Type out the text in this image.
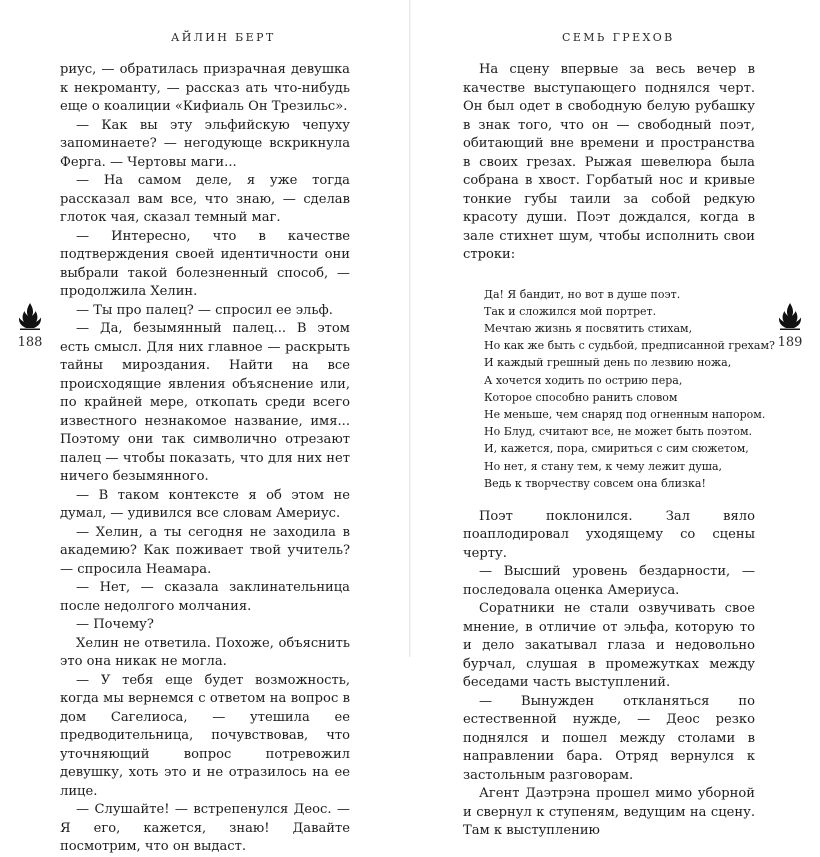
АЙЛИН БЕРТ

риус, — обратилась призрачная девушка к некроманту, — рассказ ать что-нибудь еще о коалиции «Кифиаль Он Трезильс».

— Как вы эту эльфийскую чепуху запоминаете? — негодующе вскрикнула Ферга. — Чертовы маги...

— На самом деле, я уже тогда рассказал вам все, что знаю, — сделав глоток чая, сказал темный маг.

— Интересно, что в качестве подтверждения своей идентичности они выбрали такой болезненный способ, — продолжила Хелин.

— Ты про палец? — спросил ее эльф.

— Да, безымянный палец... В этом есть смысл. Для них главное — раскрыть тайны мироздания. Найти на все происходящие явления объяснение или, по крайней мере, откопать среди всего известного незнакомое название, имя... Поэтому они так символично отрезают палец — чтобы показать, что для них нет ничего безымянного.

— В таком контексте я об этом не думал, — удивился все словам Америус.

— Хелин, а ты сегодня не заходила в академию? Как поживает твой учитель? — спросила Неамара.

— Нет, — сказала заклинательница после недолгого молчания.

— Почему?

Хелин не ответила. Похоже, объяснить это она никак не могла.

— У тебя еще будет возможность, когда мы вернемся с ответом на вопрос в дом Сагелиоса, — утешила ее предводительница, почувствовав, что уточняющий вопрос потревожил девушку, хоть это и не отразилось на ее лице.

— Слушайте! — встрепенулся Деос. — Я его, кажется, знаю! Давайте посмотрим, что он выдаст.

188
СЕМЬ ГРЕХОВ

На сцену впервые за весь вечер в качестве выступающего поднялся черт. Он был одет в свободную белую рубашку в знак того, что он — свободный поэт, обитающий вне времени и пространства в своих грезах. Рыжая шевелюра была собрана в хвост. Горбатый нос и кривые тонкие губы таили за собой редкую красоту души. Поэт дождался, когда в зале стихнет шум, чтобы исполнить свои строки:

Да! Я бандит, но вот в душе поэт.
Так и сложился мой портрет.
Мечтаю жизнь я посвятить стихам,
Но как же быть с судьбой, предписанной грехам?
И каждый грешный день по лезвию ножа,
А хочется ходить по острию пера,
Которое способно ранить словом
Не меньше, чем снаряд под огненным напором.
Но Блуд, считают все, не может быть поэтом.
И, кажется, пора, смириться с сим сюжетом,
Но нет, я стану тем, к чему лежит душа,
Ведь к творчеству совсем она близка!

Поэт поклонился. Зал вяло поаплодировал уходящему со сцены черту.

— Высший уровень бездарности, — последовала оценка Америуса.

Соратники не стали озвучивать свое мнение, в отличие от эльфа, которую то и дело закатывал глаза и недовольно бурчал, слушая в промежутках между беседами часть выступлений.

— Вынужден откланяться по естественной нужде, — Деос резко поднялся и пошел между столами в направлении бара. Отряд вернулся к застольным разговорам.

Агент Даэтрэна прошел мимо уборной и свернул к ступеням, ведущим на сцену. Там к выступлению

189
